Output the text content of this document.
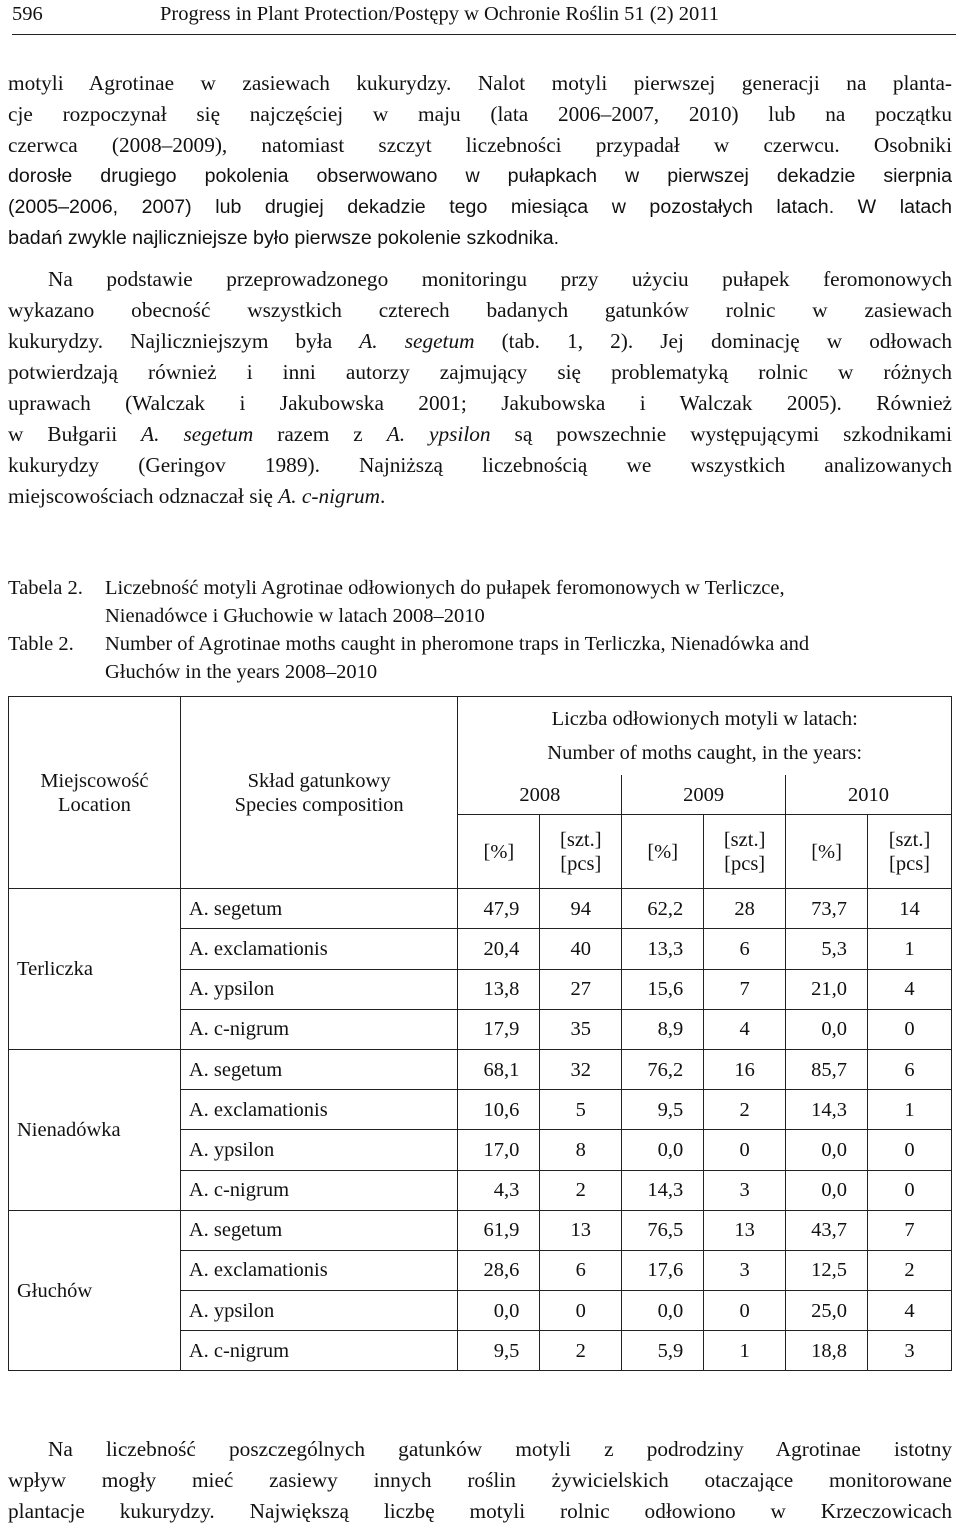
596	Progress in Plant Protection/Postępy w Ochronie Roślin 51 (2) 2011
motyli Agrotinae w zasiewach kukurydzy. Nalot motyli pierwszej generacji na planta-
cje rozpoczynał się najczęściej w maju (lata 2006–2007, 2010) lub na początku
czerwca (2008–2009), natomiast szczyt liczebności przypadał w czerwcu. Osobniki
dorosłe drugiego pokolenia obserwowano w pułapkach w pierwszej dekadzie sierpnia
(2005–2006, 2007) lub drugiej dekadzie tego miesiąca w pozostałych latach. W latach
badań zwykle najliczniejsze było pierwsze pokolenie szkodnika.
Na podstawie przeprowadzonego monitoringu przy użyciu pułapek feromonowych
wykazano obecność wszystkich czterech badanych gatunków rolnic w zasiewach
kukurydzy. Najliczniejszym była A. segetum (tab. 1, 2). Jej dominację w odłowach
potwierdzają również i inni autorzy zajmujący się problematyką rolnic w różnych
uprawach (Walczak i Jakubowska 2001; Jakubowska i Walczak 2005). Również
w Bułgarii A. segetum razem z A. ypsilon są powszechnie występującymi szkodnikami
kukurydzy (Geringov 1989). Najniższą liczebnością we wszystkich analizowanych
miejscowościach odznaczał się A. c-nigrum.
Tabela 2. Liczebność motyli Agrotinae odłowionych do pułapek feromonowych w Terliczce,
Nienadówce i Głuchowie w latach 2008–2010
Table 2. Number of Agrotinae moths caught in pheromone traps in Terliczka, Nienadówka and
Głuchów in the years 2008–2010
Miejscowość
Location	Skład gatunkowy
Species composition	Liczba odłowionych motyli w latach:
Number of moths caught, in the years:					

		2008		2009		2010	
		[%]	[szt.]
[pcs]	[%]	[szt.]
[pcs]	[%]	[szt.]
[pcs]

Terliczka	A. segetum	47,9	94	62,2	28	73,7	14
	A. exclamationis	20,4	40	13,3	6	5,3	1
	A. ypsilon	13,8	27	15,6	7	21,0	4
	A. c-nigrum	17,9	35	8,9	4	0,0	0
Nienadówka	A. segetum	68,1	32	76,2	16	85,7	6
	A. exclamationis	10,6	5	9,5	2	14,3	1
	A. ypsilon	17,0	8	0,0	0	0,0	0
	A. c-nigrum	4,3	2	14,3	3	0,0	0
Głuchów	A. segetum	61,9	13	76,5	13	43,7	7
	A. exclamationis	28,6	6	17,6	3	12,5	2
	A. ypsilon	0,0	0	0,0	0	25,0	4
	A. c-nigrum	9,5	2	5,9	1	18,8	3
Na liczebność poszczególnych gatunków motyli z podrodziny Agrotinae istotny
wpływ mogły mieć zasiewy innych roślin żywicielskich otaczające monitorowane
plantacje kukurydzy. Największą liczbę motyli rolnic odłowiono w Krzeczowicach
